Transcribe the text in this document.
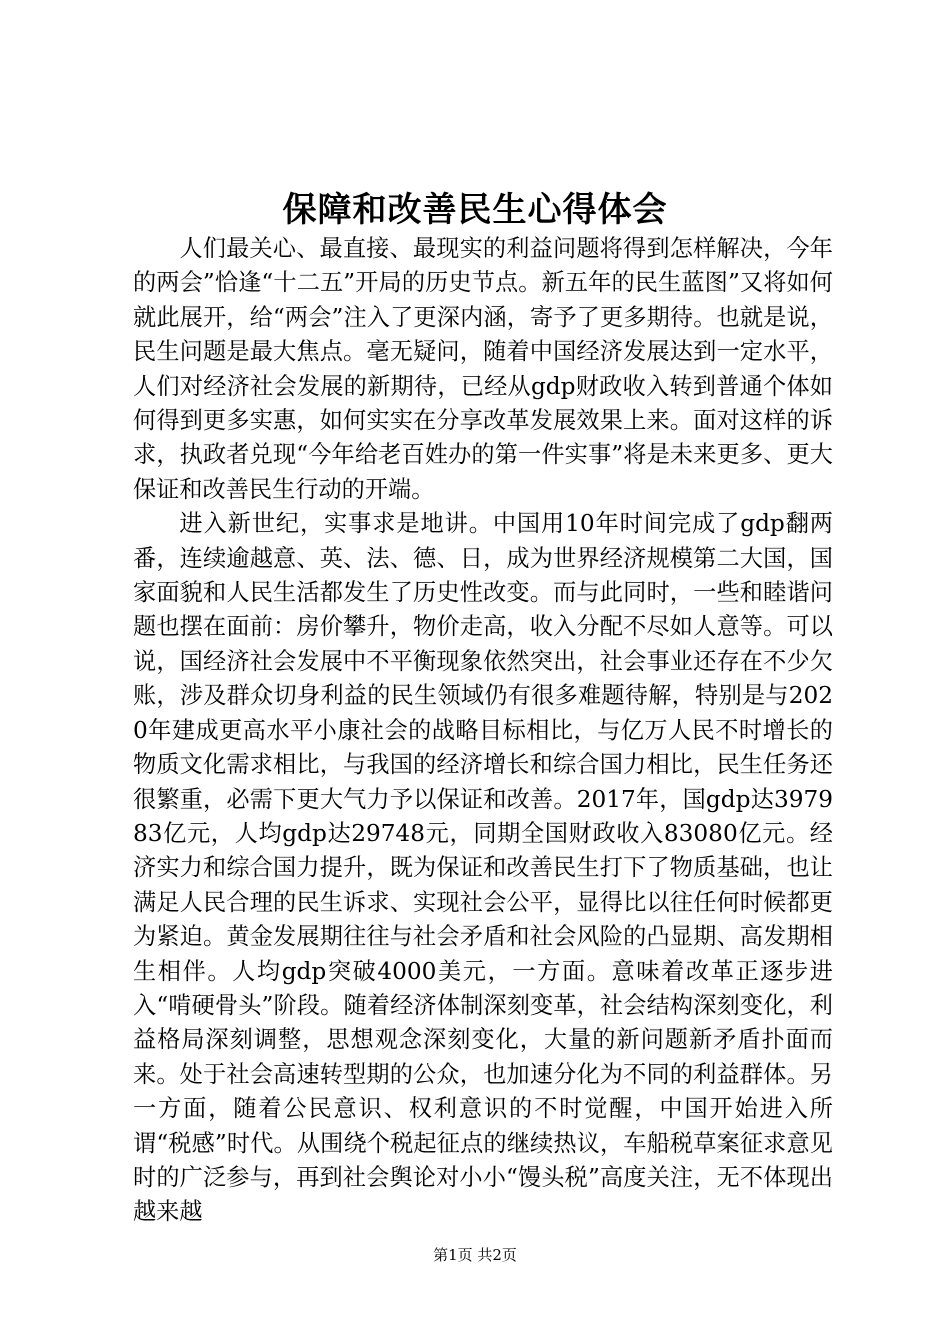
保障和改善民生心得体会

人们最关心、最直接、最现实的利益问题将得到怎样解决，今年的两会”恰逢“十二五”开局的历史节点。新五年的民生蓝图”又将如何就此展开，给“两会”注入了更深内涵，寄予了更多期待。也就是说，民生问题是最大焦点。毫无疑问，随着中国经济发展达到一定水平，人们对经济社会发展的新期待，已经从gdp财政收入转到普通个体如何得到更多实惠，如何实实在分享改革发展效果上来。面对这样的诉求，执政者兑现“今年给老百姓办的第一件实事”将是未来更多、更大保证和改善民生行动的开端。

进入新世纪，实事求是地讲。中国用10年时间完成了gdp翻两番，连续逾越意、英、法、德、日，成为世界经济规模第二大国，国家面貌和人民生活都发生了历史性改变。而与此同时，一些和睦谐问题也摆在面前：房价攀升，物价走高，收入分配不尽如人意等。可以说，国经济社会发展中不平衡现象依然突出，社会事业还存在不少欠账，涉及群众切身利益的民生领域仍有很多难题待解，特别是与2020年建成更高水平小康社会的战略目标相比，与亿万人民不时增长的物质文化需求相比，与我国的经济增长和综合国力相比，民生任务还很繁重，必需下更大气力予以保证和改善。2017年，国gdp达397983亿元，人均gdp达29748元，同期全国财政收入83080亿元。经济实力和综合国力提升，既为保证和改善民生打下了物质基础，也让满足人民合理的民生诉求、实现社会公平，显得比以往任何时候都更为紧迫。黄金发展期往往与社会矛盾和社会风险的凸显期、高发期相生相伴。人均gdp突破4000美元，一方面。意味着改革正逐步进入“啃硬骨头”阶段。随着经济体制深刻变革，社会结构深刻变化，利益格局深刻调整，思想观念深刻变化，大量的新问题新矛盾扑面而来。处于社会高速转型期的公众，也加速分化为不同的利益群体。另一方面，随着公民意识、权利意识的不时觉醒，中国开始进入所谓“税感”时代。从围绕个税起征点的继续热议，车船税草案征求意见时的广泛参与，再到社会舆论对小小“馒头税”高度关注，无不体现出越来越

第1页 共2页
